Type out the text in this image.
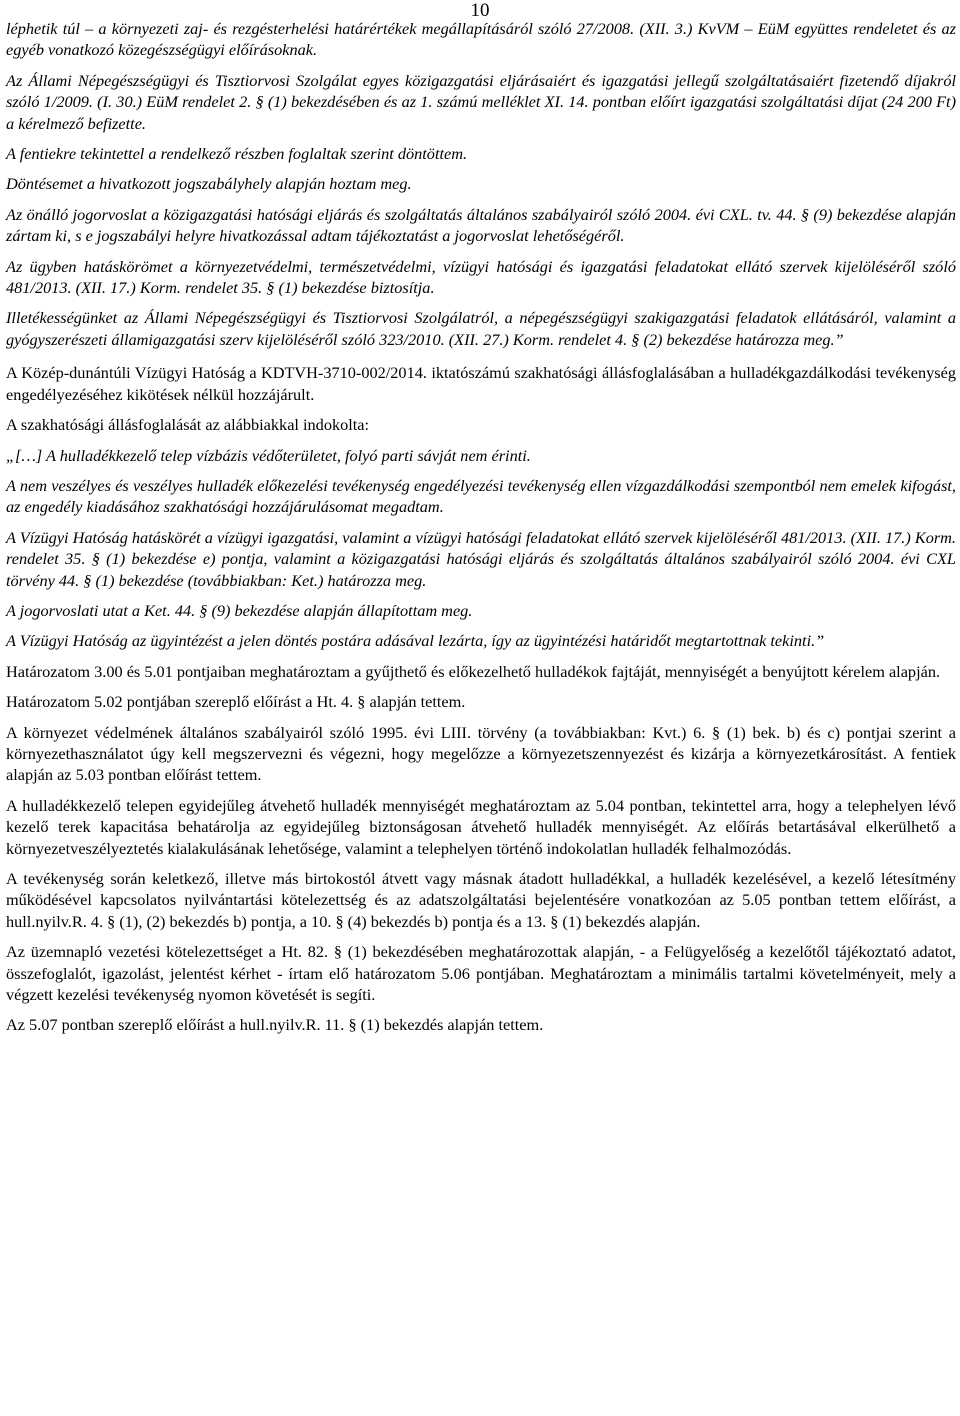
10

léphetik túl – a környezeti zaj- és rezgésterhelési határértékek megállapításáról szóló 27/2008. (XII. 3.) KvVM – EüM együttes rendeletet és az egyéb vonatkozó közegészségügyi előírásoknak.

Az Állami Népegészségügyi és Tisztiorvosi Szolgálat egyes közigazgatási eljárásaiért és igazgatási jellegű szolgáltatásaiért fizetendő díjakról szóló 1/2009. (I. 30.) EüM rendelet 2. § (1) bekezdésében és az 1. számú melléklet XI. 14. pontban előírt igazgatási szolgáltatási díjat (24 200 Ft) a kérelmező befizette.

A fentiekre tekintettel a rendelkező részben foglaltak szerint döntöttem.

Döntésemet a hivatkozott jogszabályhely alapján hoztam meg.

Az önálló jogorvoslat a közigazgatási hatósági eljárás és szolgáltatás általános szabályairól szóló 2004. évi CXL. tv. 44. § (9) bekezdése alapján zártam ki, s e jogszabályi helyre hivatkozással adtam tájékoztatást a jogorvoslat lehetőségéről.

Az ügyben hatáskörömet a környezetvédelmi, természetvédelmi, vízügyi hatósági és igazgatási feladatokat ellátó szervek kijelöléséről szóló 481/2013. (XII. 17.) Korm. rendelet 35. § (1) bekezdése biztosítja.

Illetékességünket az Állami Népegészségügyi és Tisztiorvosi Szolgálatról, a népegészségügyi szakigazgatási feladatok ellátásáról, valamint a gyógyszerészeti államigazgatási szerv kijelöléséről szóló 323/2010. (XII. 27.) Korm. rendelet 4. § (2) bekezdése határozza meg.”

A Közép-dunántúli Vízügyi Hatóság a KDTVH-3710-002/2014. iktatószámú szakhatósági állásfoglalásában a hulladékgazdálkodási tevékenység engedélyezéséhez kikötések nélkül hozzájárult.

A szakhatósági állásfoglalását az alábbiakkal indokolta:

„[…] A hulladékkezelő telep vízbázis védőterületet, folyó parti sávját nem érinti.

A nem veszélyes és veszélyes hulladék előkezelési tevékenység engedélyezési tevékenység ellen vízgazdálkodási szempontból nem emelek kifogást, az engedély kiadásához szakhatósági hozzájárulásomat megadtam.

A Vízügyi Hatóság hatáskörét a vízügyi igazgatási, valamint a vízügyi hatósági feladatokat ellátó szervek kijelöléséről 481/2013. (XII. 17.) Korm. rendelet 35. § (1) bekezdése e) pontja, valamint a közigazgatási hatósági eljárás és szolgáltatás általános szabályairól szóló 2004. évi CXL törvény 44. § (1) bekezdése (továbbiakban: Ket.) határozza meg.

A jogorvoslati utat a Ket. 44. § (9) bekezdése alapján állapítottam meg.

A Vízügyi Hatóság az ügyintézést a jelen döntés postára adásával lezárta, így az ügyintézési határidőt megtartottnak tekinti.”

Határozatom 3.00 és 5.01 pontjaiban meghatároztam a gyűjthető és előkezelhető hulladékok fajtáját, mennyiségét a benyújtott kérelem alapján.

Határozatom 5.02 pontjában szereplő előírást a Ht. 4. § alapján tettem.

A környezet védelmének általános szabályairól szóló 1995. évi LIII. törvény (a továbbiakban: Kvt.) 6. § (1) bek. b) és c) pontjai szerint a környezethasználatot úgy kell megszervezni és végezni, hogy megelőzze a környezetszennyezést és kizárja a környezetkárosítást. A fentiek alapján az 5.03 pontban előírást tettem.

A hulladékkezelő telepen egyidejűleg átvehető hulladék mennyiségét meghatároztam az 5.04 pontban, tekintettel arra, hogy a telephelyen lévő kezelő terek kapacitása behatárolja az egyidejűleg biztonságosan átvehető hulladék mennyiségét. Az előírás betartásával elkerülhető a környezetveszélyeztetés kialakulásának lehetősége, valamint a telephelyen történő indokolatlan hulladék felhalmozódás.

A tevékenység során keletkező, illetve más birtokostól átvett vagy másnak átadott hulladékkal, a hulladék kezelésével, a kezelő létesítmény működésével kapcsolatos nyilvántartási kötelezettség és az adatszolgáltatási bejelentésére vonatkozóan az 5.05 pontban tettem előírást, a hull.nyilv.R. 4. § (1), (2) bekezdés b) pontja, a 10. § (4) bekezdés b) pontja és a 13. § (1) bekezdés alapján.

Az üzemnapló vezetési kötelezettséget a Ht. 82. § (1) bekezdésében meghatározottak alapján, - a Felügyelőség a kezelőtől tájékoztató adatot, összefoglalót, igazolást, jelentést kérhet - írtam elő határozatom 5.06 pontjában. Meghatároztam a minimális tartalmi követelményeit, mely a végzett kezelési tevékenység nyomon követését is segíti.

Az 5.07 pontban szereplő előírást a hull.nyilv.R. 11. § (1) bekezdés alapján tettem.
